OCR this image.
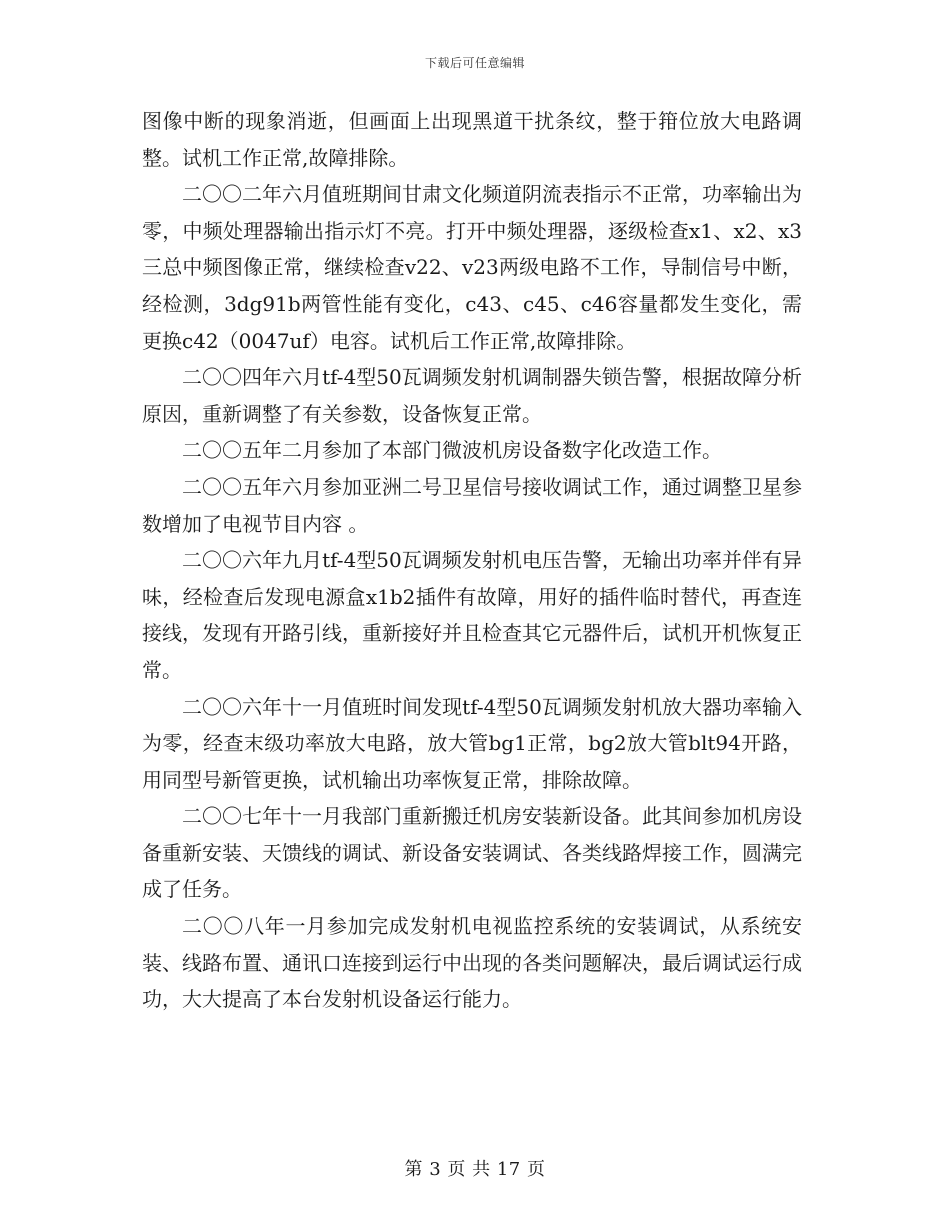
下载后可任意编辑

图像中断的现象消逝，但画面上出现黑道干扰条纹，整于箝位放大电路调整。试机工作正常,故障排除。

二〇〇二年六月值班期间甘肃文化频道阴流表指示不正常，功率输出为零，中频处理器输出指示灯不亮。打开中频处理器，逐级检查x1、x2、x3三总中频图像正常，继续检查v22、v23两级电路不工作，导制信号中断，经检测，3dg91b两管性能有变化，c43、c45、c46容量都发生变化，需更换c42（0047uf）电容。试机后工作正常,故障排除。

二〇〇四年六月tf-4型50瓦调频发射机调制器失锁告警，根据故障分析原因，重新调整了有关参数，设备恢复正常。

二〇〇五年二月参加了本部门微波机房设备数字化改造工作。

二〇〇五年六月参加亚洲二号卫星信号接收调试工作，通过调整卫星参数增加了电视节目内容 。

二〇〇六年九月tf-4型50瓦调频发射机电压告警，无输出功率并伴有异味，经检查后发现电源盒x1b2插件有故障，用好的插件临时替代，再查连接线，发现有开路引线，重新接好并且检查其它元器件后，试机开机恢复正常。

二〇〇六年十一月值班时间发现tf-4型50瓦调频发射机放大器功率输入为零，经查末级功率放大电路，放大管bg1正常，bg2放大管blt94开路，用同型号新管更换，试机输出功率恢复正常，排除故障。

二〇〇七年十一月我部门重新搬迁机房安装新设备。此其间参加机房设备重新安装、天馈线的调试、新设备安装调试、各类线路焊接工作，圆满完成了任务。

二〇〇八年一月参加完成发射机电视监控系统的安装调试，从系统安装、线路布置、通讯口连接到运行中出现的各类问题解决，最后调试运行成功，大大提高了本台发射机设备运行能力。

第 3 页 共 17 页
